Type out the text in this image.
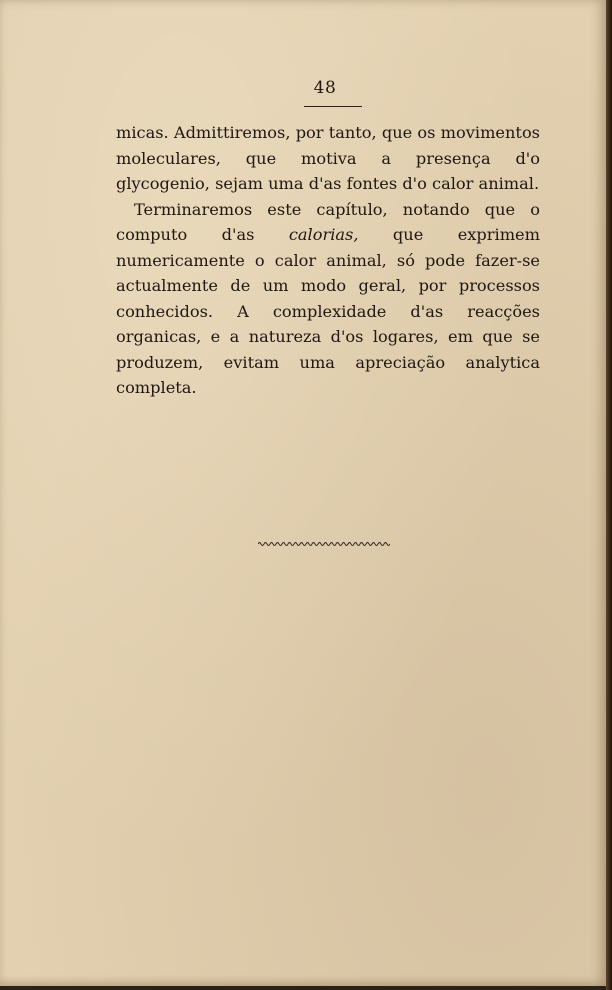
48

micas. Admittiremos, por tanto, que os movimentos moleculares, que motiva a presença d'o glycogenio, sejam uma d'as fontes d'o calor animal.

Terminaremos este capítulo, notando que o computo d'as calorias, que exprimem numericamente o calor animal, só pode fazer-se actualmente de um modo geral, por processos conhecidos. A complexidade d'as reacções organicas, e a natureza d'os logares, em que se produzem, evitam uma apreciação analytica completa.
